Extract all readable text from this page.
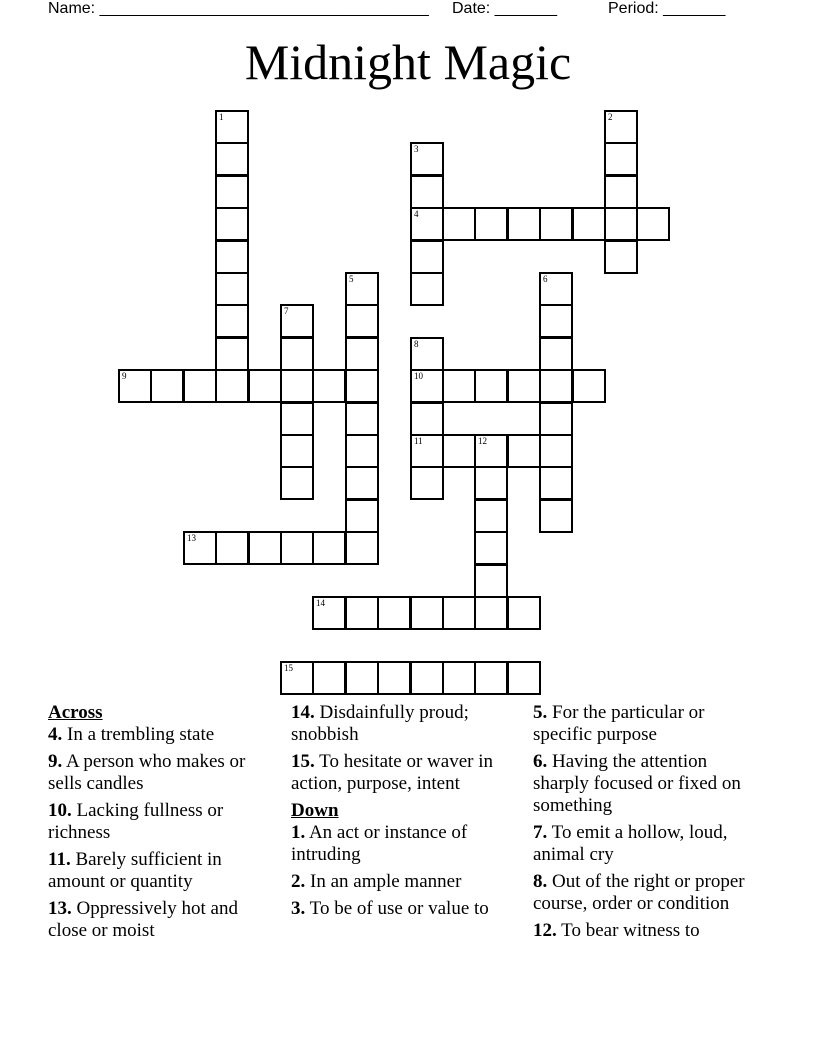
Name: _____________________________________ Date: _______	Period: _______
Midnight Magic
1	2
3
4
5	6
7
8
10
11
9
12
13
14
15

Across

4. In a trembling state

9. A person who makes or sells candles

10. Lacking fullness or richness

11. Barely sufficient in amount or quantity

13. Oppressively hot and close or moist

14. Disdainfully proud; snobbish

15. To hesitate or waver in action, purpose, intent

Down

1. An act or instance of intruding

2. In an ample manner

3. To be of use or value to

5. For the particular or specific purpose

6. Having the attention sharply focused or fixed on something

7. To emit a hollow, loud, animal cry

8. Out of the right or proper course, order or condition

12. To bear witness to
